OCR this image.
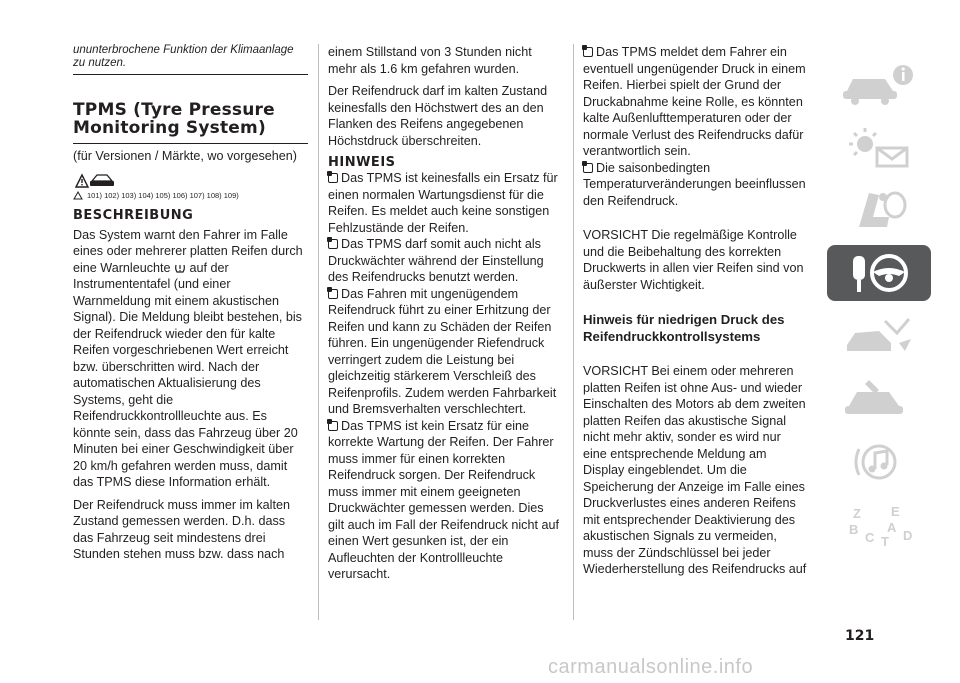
ununterbrochene Funktion der Klimaanlage zu nutzen.
TPMS (Tyre Pressure Monitoring System)

(für Versionen / Märkte, wo vorgesehen)

101) 102) 103) 104) 105) 106) 107) 108) 109)
BESCHREIBUNG

Das System warnt den Fahrer im Falle eines oder mehrerer platten Reifen durch eine Warnleuchte auf der Instrumententafel (und einer Warnmeldung mit einem akustischen Signal). Die Meldung bleibt bestehen, bis der Reifendruck wieder den für kalte Reifen vorgeschriebenen Wert erreicht bzw. überschritten wird. Nach der automatischen Aktualisierung des Systems, geht die Reifendruckkontrollleuchte aus. Es könnte sein, dass das Fahrzeug über 20 Minuten bei einer Geschwindigkeit über 20 km/h gefahren werden muss, damit das TPMS diese Information erhält.

Der Reifendruck muss immer im kalten Zustand gemessen werden. D.h. dass das Fahrzeug seit mindestens drei Stunden stehen muss bzw. dass nach

einem Stillstand von 3 Stunden nicht mehr als 1.6 km gefahren wurden.

Der Reifendruck darf im kalten Zustand keinesfalls den Höchstwert des an den Flanken des Reifens angegebenen Höchstdruck überschreiten.

HINWEIS

Das TPMS ist keinesfalls ein Ersatz für einen normalen Wartungsdienst für die Reifen. Es meldet auch keine sonstigen Fehlzustände der Reifen.

Das TPMS darf somit auch nicht als Druckwächter während der Einstellung des Reifendrucks benutzt werden.

Das Fahren mit ungenügendem Reifendruck führt zu einer Erhitzung der Reifen und kann zu Schäden der Reifen führen. Ein ungenügender Riefendruck verringert zudem die Leistung bei gleichzeitig stärkerem Verschleiß des Reifenprofils. Zudem werden Fahrbarkeit und Bremsverhalten verschlechtert.

Das TPMS ist kein Ersatz für eine korrekte Wartung der Reifen. Der Fahrer muss immer für einen korrekten Reifendruck sorgen. Der Reifendruck muss immer mit einem geeigneten Druckwächter gemessen werden. Dies gilt auch im Fall der Reifendruck nicht auf einen Wert gesunken ist, der ein Aufleuchten der Kontrollleuchte verursacht.

Das TPMS meldet dem Fahrer ein eventuell ungenügender Druck in einem Reifen. Hierbei spielt der Grund der Druckabnahme keine Rolle, es könnten kalte Außenlufttemperaturen oder der normale Verlust des Reifendrucks dafür verantwortlich sein.

Die saisonbedingten Temperaturveränderungen beeinflussen den Reifendruck.

VORSICHT Die regelmäßige Kontrolle und die Beibehaltung des korrekten Druckwerts in allen vier Reifen sind von äußerster Wichtigkeit.

Hinweis für niedrigen Druck des Reifendruckkontrollsystems

VORSICHT Bei einem oder mehreren platten Reifen ist ohne Aus- und wieder Einschalten des Motors ab dem zweiten platten Reifen das akustische Signal nicht mehr aktiv, sonder es wird nur eine entsprechende Meldung am Display eingeblendet. Um die Speicherung der Anzeige im Falle eines Druckverlustes eines anderen Reifens mit entsprechender Deaktivierung des akustischen Signals zu vermeiden, muss der Zündschlüssel bei jeder Wiederherstellung des Reifendrucks auf

Z E
B A
C T D
121
carmanualsonline.info
